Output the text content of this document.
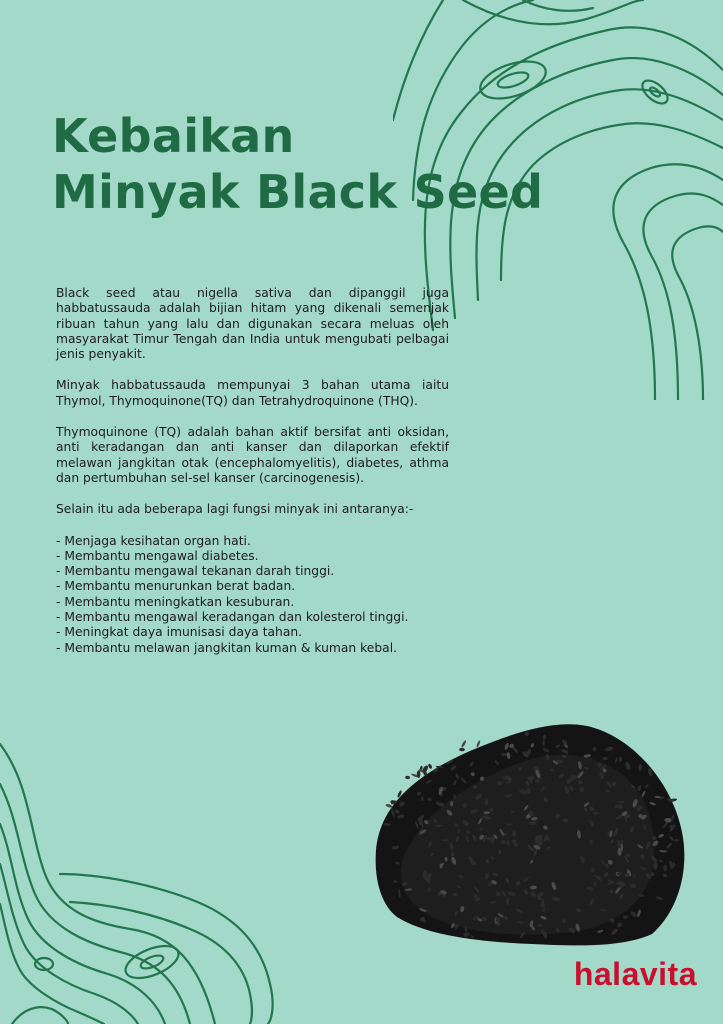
Kebaikan
Minyak Black Seed

Black seed atau nigella sativa dan dipanggil juga habbatussauda adalah bijian hitam yang dikenali semenjak ribuan tahun yang lalu dan digunakan secara meluas oleh masyarakat Timur Tengah dan India untuk mengubati pelbagai jenis penyakit.

Minyak habbatussauda mempunyai 3 bahan utama iaitu Thymol, Thymoquinone(TQ) dan Tetrahydroquinone (THQ).

Thymoquinone (TQ) adalah bahan aktif bersifat anti oksidan, anti keradangan dan anti kanser dan dilaporkan efektif melawan jangkitan otak (encephalomyelitis), diabetes, athma dan pertumbuhan sel-sel kanser (carcinogenesis).

Selain itu ada beberapa lagi fungsi minyak ini antaranya:-

- Menjaga kesihatan organ hati.
- Membantu mengawal diabetes.
- Membantu mengawal tekanan darah tinggi.
- Membantu menurunkan berat badan.
- Membantu meningkatkan kesuburan.
- Membantu mengawal keradangan dan kolesterol tinggi.
- Meningkat daya imunisasi daya tahan.
- Membantu melawan jangkitan kuman & kuman kebal.
halavita
